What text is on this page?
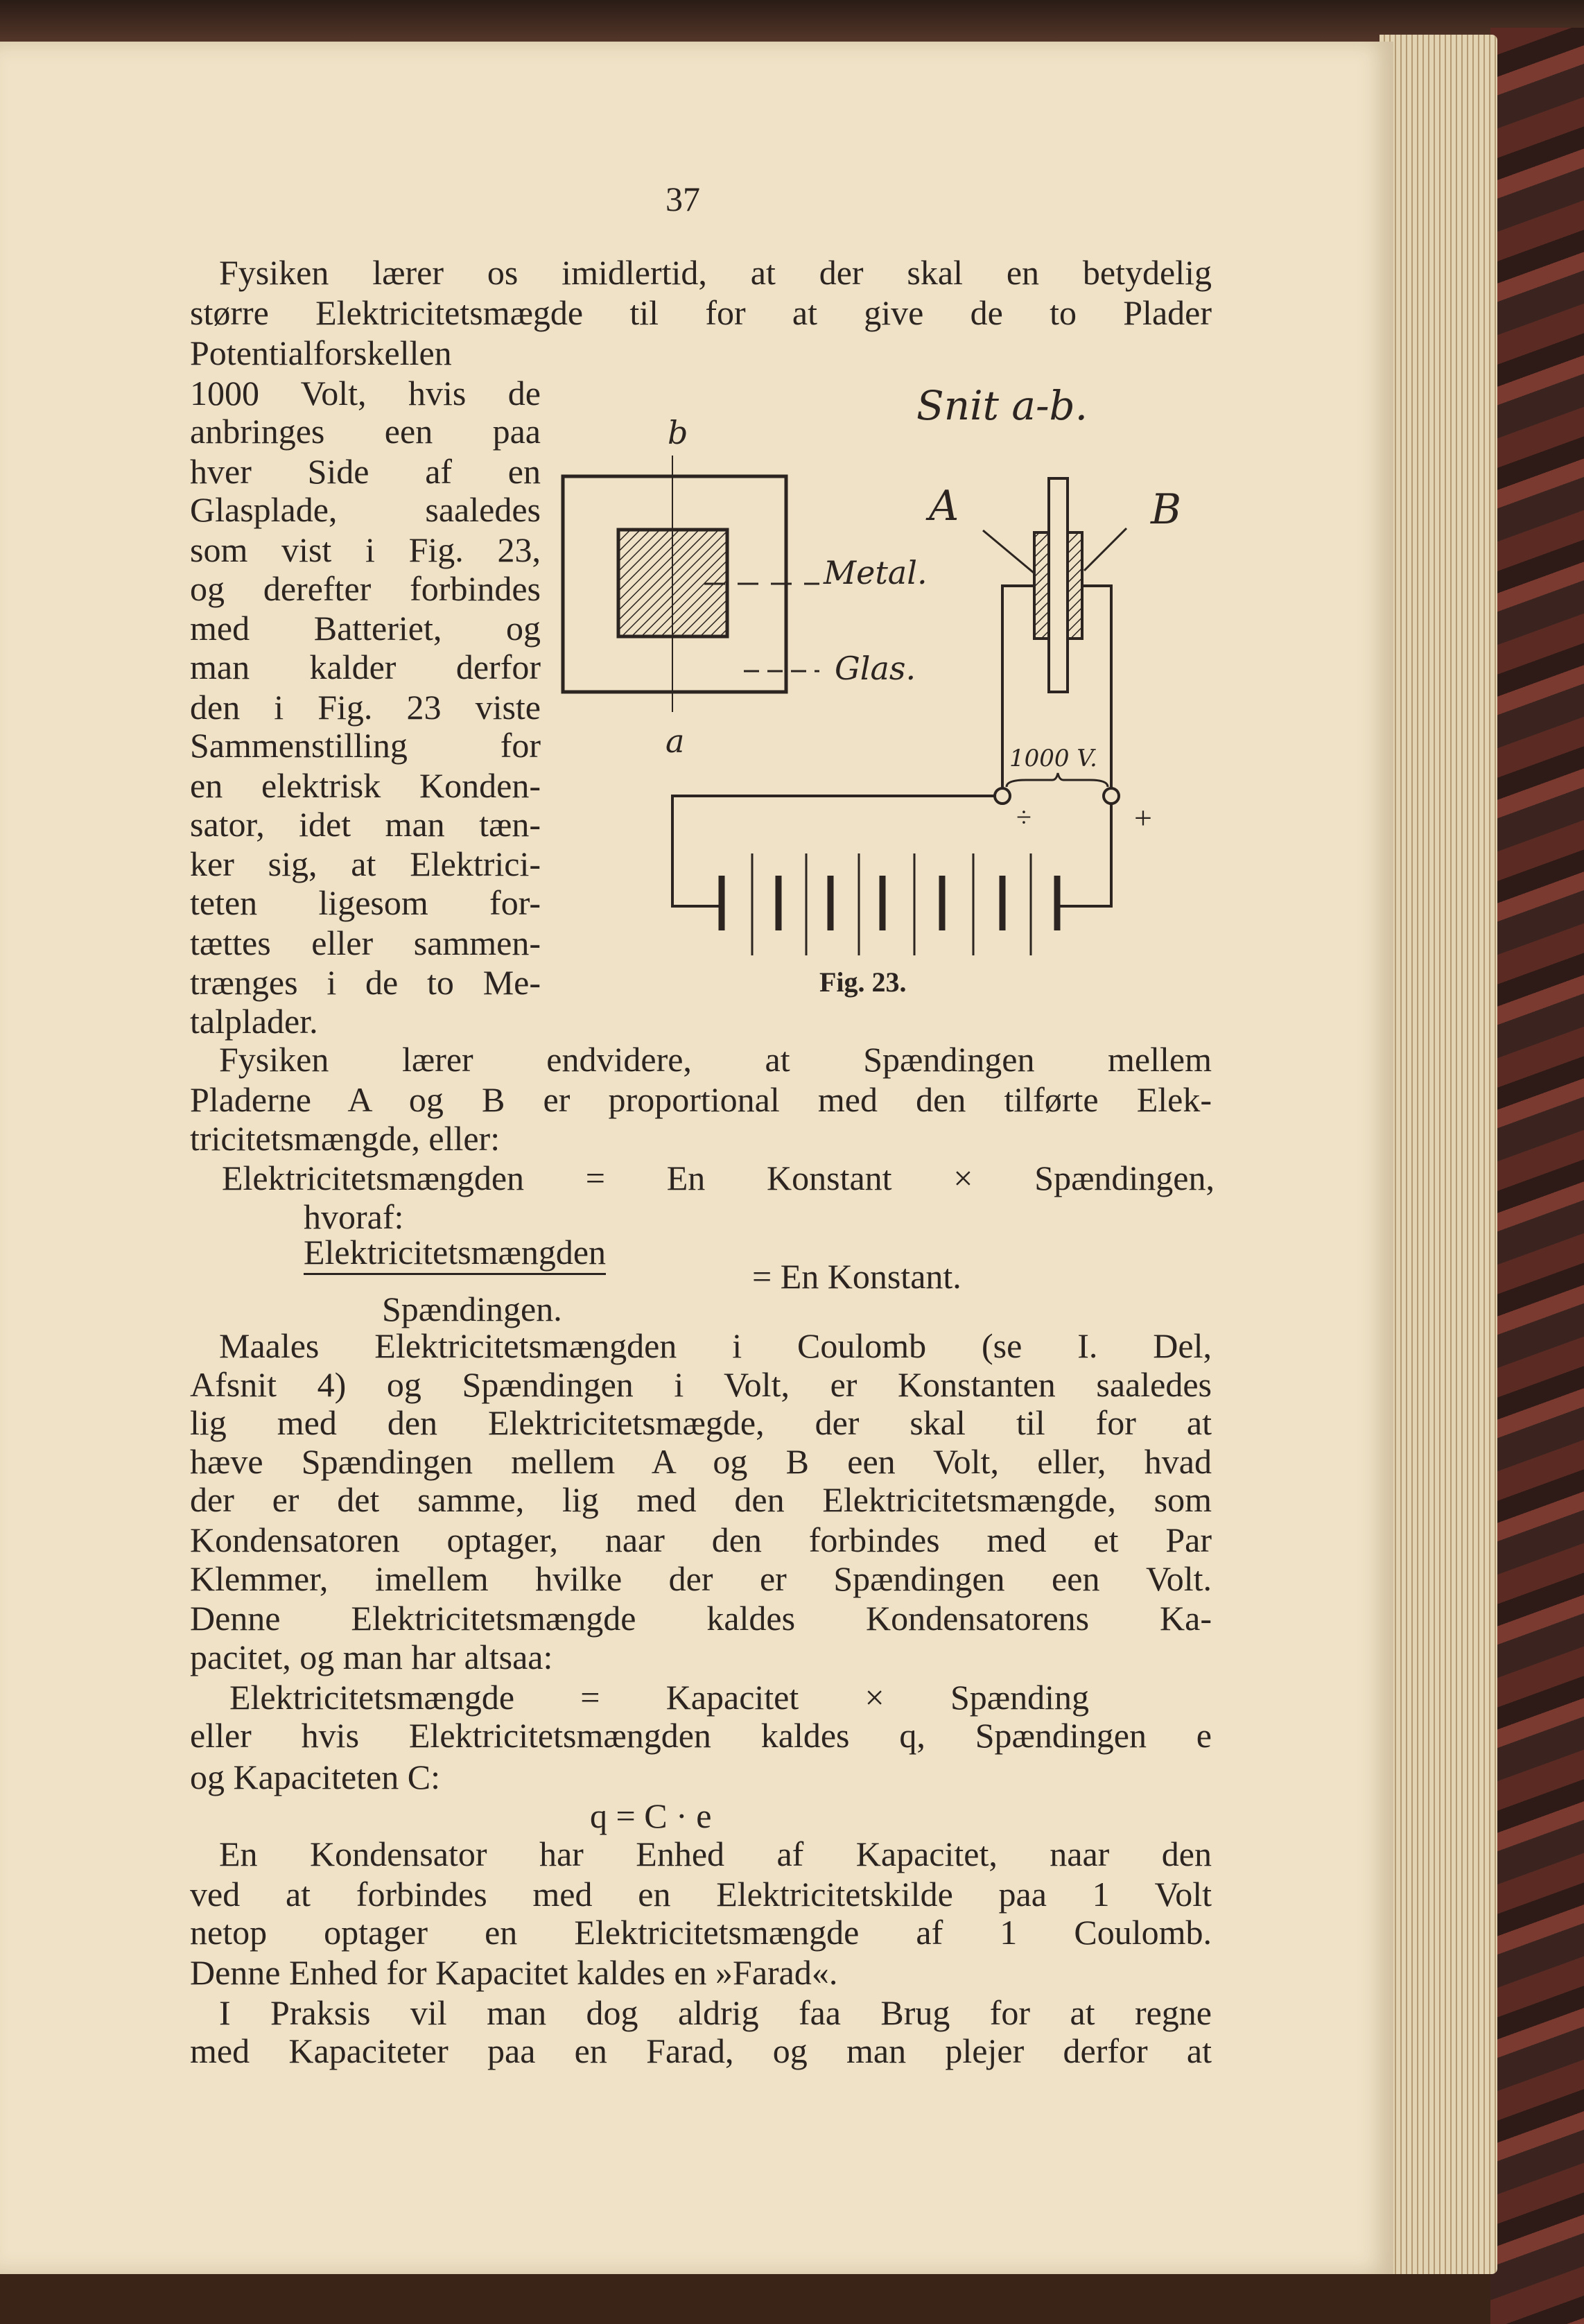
37
Fysiken lærer os imidlertid, at der skal en betydelig
større Elektricitetsmægde til for at give de to Plader
Potentialforskellen
1000 Volt, hvis de
anbringes een paa
hver Side af en
Glasplade, saaledes
som vist i Fig. 23,
og derefter forbindes
med Batteriet, og
man kalder derfor
den i Fig. 23 viste
Sammenstilling for
en elektrisk Konden-
sator, idet man tæn-
ker sig, at Elektrici-
teten ligesom for-
tættes eller sammen-
trænges i de to Me-
talplader.
Fysiken lærer endvidere, at Spændingen mellem
Pladerne A og B er proportional med den tilførte Elek-
tricitetsmængde, eller:
Elektricitetsmængden = En Konstant × Spændingen,
hvoraf:
Elektricitetsmængden
= En Konstant.
Spændingen.
Maales Elektricitetsmængden i Coulomb (se I. Del,
Afsnit 4) og Spændingen i Volt, er Konstanten saaledes
lig med den Elektricitetsmægde, der skal til for at
hæve Spændingen mellem A og B een Volt, eller, hvad
der er det samme, lig med den Elektricitetsmængde, som
Kondensatoren optager, naar den forbindes med et Par
Klemmer, imellem hvilke der er Spændingen een Volt.
Denne Elektricitetsmængde kaldes Kondensatorens Ka-
pacitet, og man har altsaa:
Elektricitetsmængde = Kapacitet × Spænding
eller hvis Elektricitetsmængden kaldes q, Spændingen e
og Kapaciteten C:
q = C · e
En Kondensator har Enhed af Kapacitet, naar den
ved at forbindes med en Elektricitetskilde paa 1 Volt
netop optager en Elektricitetsmængde af 1 Coulomb.
Denne Enhed for Kapacitet kaldes en »Farad«.
I Praksis vil man dog aldrig faa Brug for at regne
med Kapaciteter paa en Farad, og man plejer derfor at
b
a
Metal.
Glas.
Snit a-b.
A	B
1000 V.
÷	+
Fig. 23.
